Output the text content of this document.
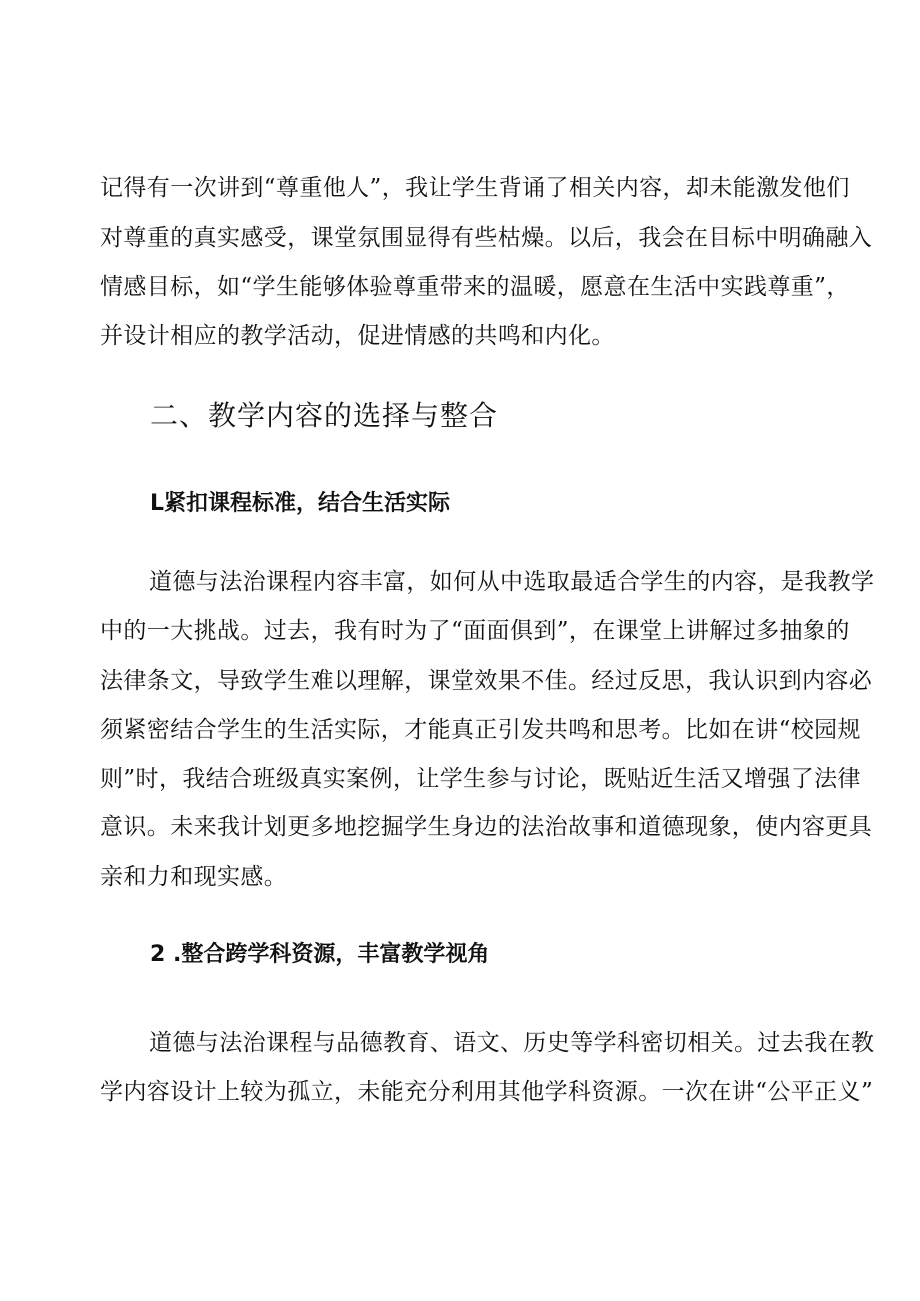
记得有一次讲到“尊重他人”，我让学生背诵了相关内容，却未能激发他们
对尊重的真实感受，课堂氛围显得有些枯燥。以后，我会在目标中明确融入
情感目标，如“学生能够体验尊重带来的温暖，愿意在生活中实践尊重”，
并设计相应的教学活动，促进情感的共鸣和内化。
二、教学内容的选择与整合
L紧扣课程标准，结合生活实际
道德与法治课程内容丰富，如何从中选取最适合学生的内容，是我教学
中的一大挑战。过去，我有时为了“面面俱到”，在课堂上讲解过多抽象的
法律条文，导致学生难以理解，课堂效果不佳。经过反思，我认识到内容必
须紧密结合学生的生活实际，才能真正引发共鸣和思考。比如在讲“校园规
则”时，我结合班级真实案例，让学生参与讨论，既贴近生活又增强了法律
意识。未来我计划更多地挖掘学生身边的法治故事和道德现象，使内容更具
亲和力和现实感。
2 .整合跨学科资源，丰富教学视角
道德与法治课程与品德教育、语文、历史等学科密切相关。过去我在教
学内容设计上较为孤立，未能充分利用其他学科资源。一次在讲“公平正义”
